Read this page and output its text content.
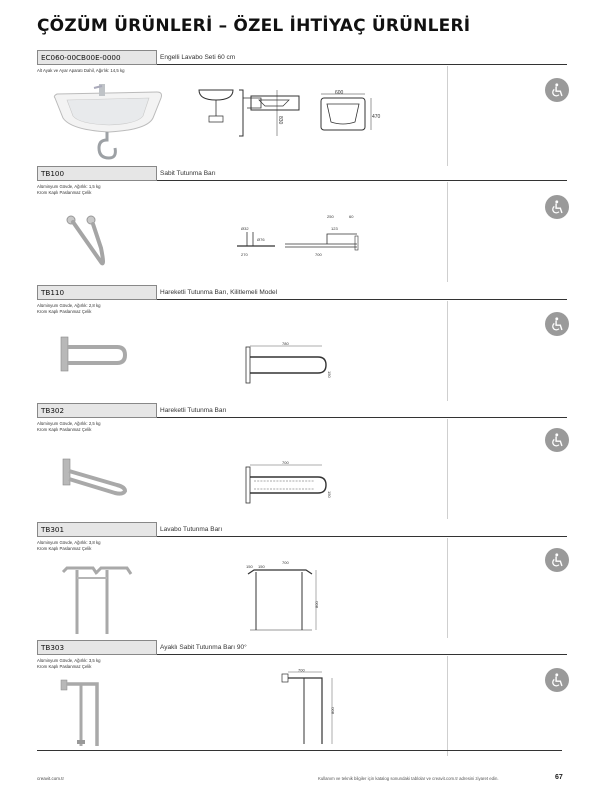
ÇÖZÜM ÜRÜNLERİ – ÖZEL İHTİYAÇ ÜRÜNLERİ
EC060-00CB00E-0000	Engelli Lavabo Seti 60 cm
Alt Ayak ve Ayar Aparatı Dahil, Ağırlık: 14,5 kg
830
600
470
TB100	Sabit Tutunma Barı
Alüminyum Gövde, Ağırlık: 1,5 kg
Krom Kaplı Paslanmaz Çelik
Ø32
Ø76
270
250	60
123
700
TB110	Hareketli Tutunma Barı, Kilitlemeli Model
Alüminyum Gövde, Ağırlık: 2,8 kg
Krom Kaplı Paslanmaz Çelik
780
150
TB302	Hareketli Tutunma Barı
Alüminyum Gövde, Ağırlık: 2,5 kg
Krom Kaplı Paslanmaz Çelik
700
150
TB301	Lavabo Tutunma Barı
Alüminyum Gövde, Ağırlık: 3,8 kg
Krom Kaplı Paslanmaz Çelik
150 150
700
800
TB303	Ayaklı Sabit Tutunma Barı 90°
Alüminyum Gövde, Ağırlık: 3,5 kg
Krom Kaplı Paslanmaz Çelik
700
800
creavit.com.tr	Kullanım ve teknik bilgiler için katalog sonundaki tablolar ve creavit.com.tr adresini ziyaret edin.	67
